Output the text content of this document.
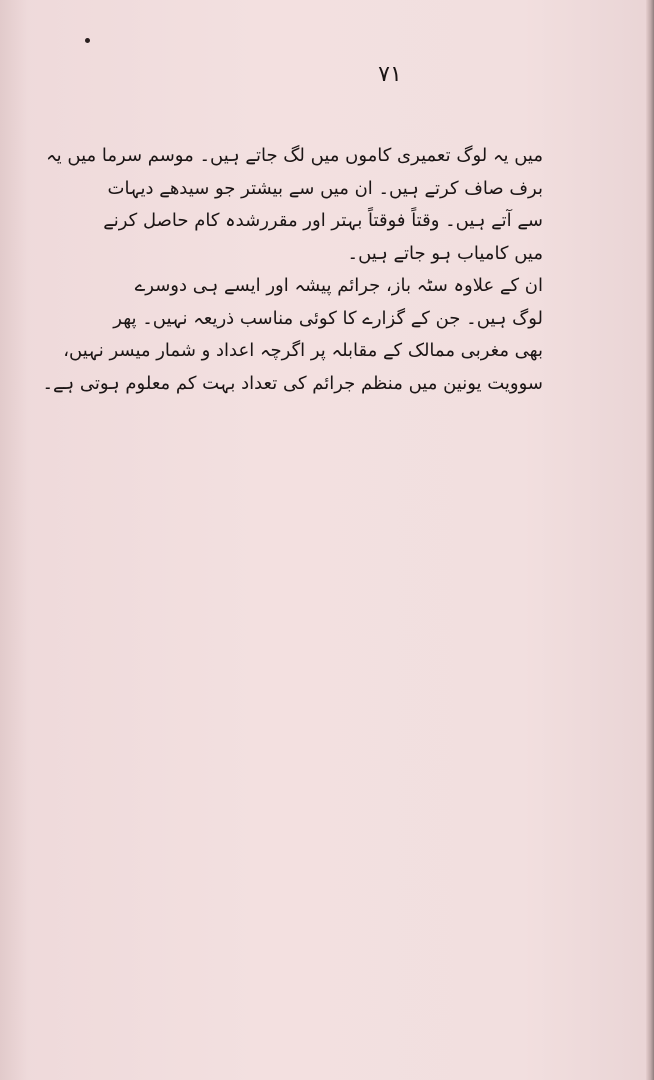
۷۱
میں یہ لوگ تعمیری کاموں میں لگ جاتے ہیں۔ موسم سرما میں یہ
برف صاف کرتے ہیں۔ ان میں سے بیشتر جو سیدھے دیہات
سے آتے ہیں۔ وقتاً فوقتاً بہتر اور مقررشدہ کام حاصل کرنے
میں کامیاب ہو جاتے ہیں۔
ان کے علاوہ سٹہ باز، جرائم پیشہ اور ایسے ہی دوسرے
لوگ ہیں۔ جن کے گزارے کا کوئی مناسب ذریعہ نہیں۔ پھر
بھی مغربی ممالک کے مقابلہ پر اگرچہ اعداد و شمار میسر نہیں،
سوویت یونین میں منظم جرائم کی تعداد بہت کم معلوم ہوتی ہے۔
